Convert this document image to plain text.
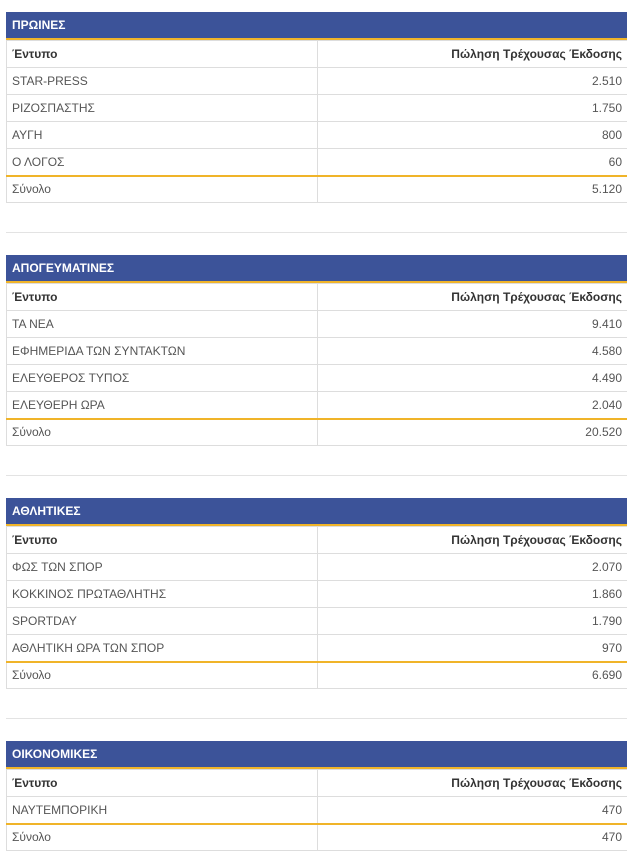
ΠΡΩΙΝΕΣ
Έντυπο	Πώληση Τρέχουσας Έκδοσης
STAR-PRESS	2.510
ΡΙΖΟΣΠΑΣΤΗΣ	1.750
ΑΥΓΗ	800
Ο ΛΟΓΟΣ	60
Σύνολο	5.120
ΑΠΟΓΕΥΜΑΤΙΝΕΣ
Έντυπο	Πώληση Τρέχουσας Έκδοσης
ΤΑ ΝΕΑ	9.410
ΕΦΗΜΕΡΙΔΑ ΤΩΝ ΣΥΝΤΑΚΤΩΝ	4.580
ΕΛΕΥΘΕΡΟΣ ΤΥΠΟΣ	4.490
ΕΛΕΥΘΕΡΗ ΩΡΑ	2.040
Σύνολο	20.520
ΑΘΛΗΤΙΚΕΣ
Έντυπο	Πώληση Τρέχουσας Έκδοσης
ΦΩΣ ΤΩΝ ΣΠΟΡ	2.070
ΚΟΚΚΙΝΟΣ ΠΡΩΤΑΘΛΗΤΗΣ	1.860
SPORTDAY	1.790
ΑΘΛΗΤΙΚΗ ΩΡΑ ΤΩΝ ΣΠΟΡ	970
Σύνολο	6.690
ΟΙΚΟΝΟΜΙΚΕΣ
Έντυπο	Πώληση Τρέχουσας Έκδοσης
ΝΑΥΤΕΜΠΟΡΙΚΗ	470
Σύνολο	470
